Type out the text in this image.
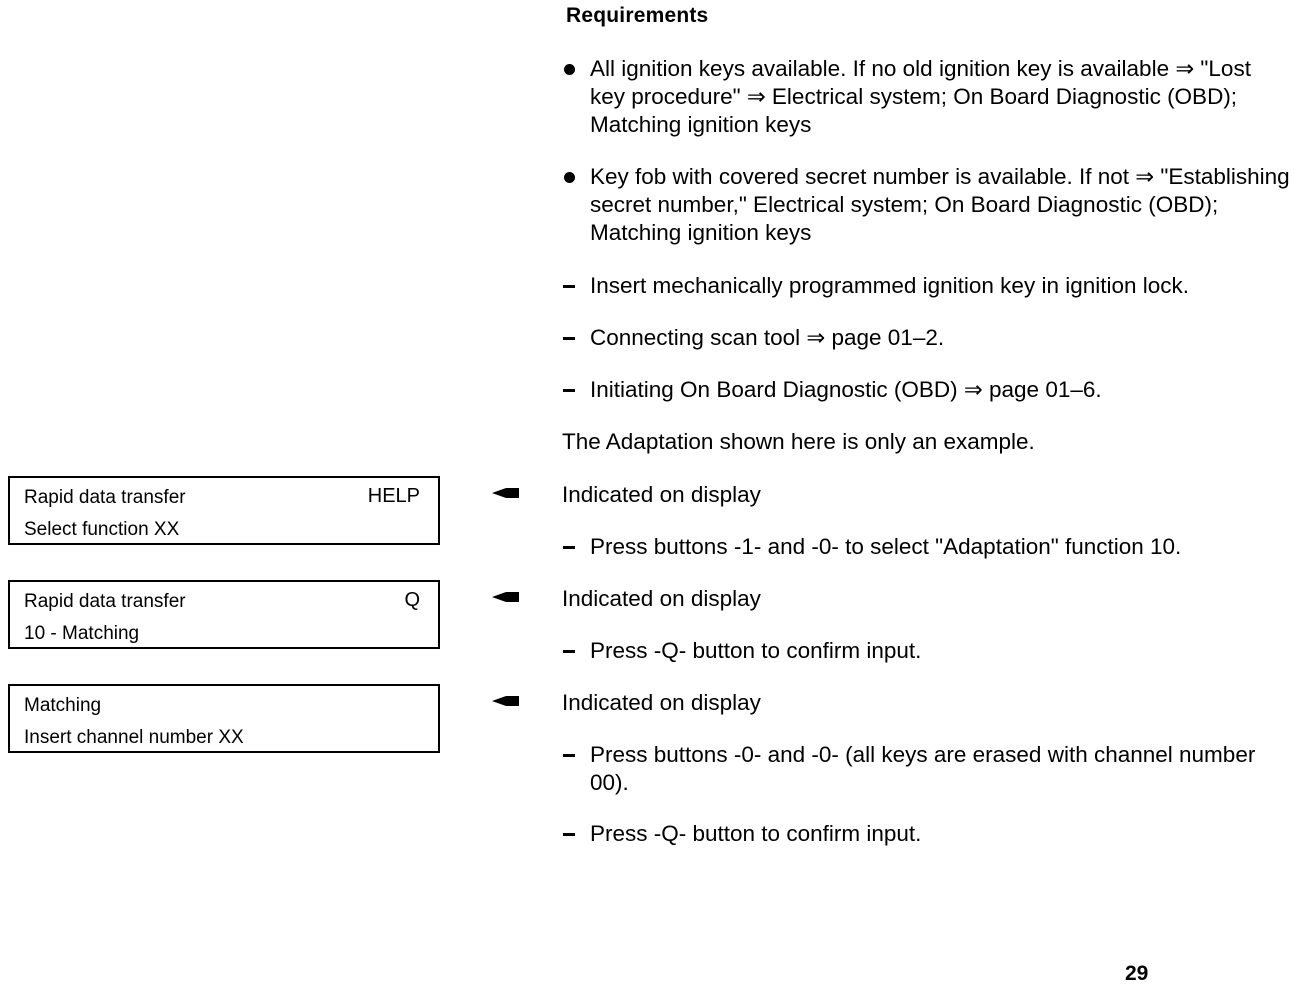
Requirements
All ignition keys available. If no old ignition key is available ⇒ "Lost key procedure" ⇒ Electrical system; On Board Diagnostic (OBD); Matching ignition keys
Key fob with covered secret number is available. If not ⇒ "Establishing secret number," Electrical system; On Board Diagnostic (OBD); Matching ignition keys
Insert mechanically programmed ignition key in ignition lock.
Connecting scan tool ⇒ page 01–2.
Initiating On Board Diagnostic (OBD) ⇒ page 01–6.
The Adaptation shown here is only an example.
Rapid data transfer	HELP
Select function XX
Indicated on display
Press buttons -1- and -0- to select "Adaptation" function 10.
Rapid data transfer	Q
10 - Matching
Indicated on display
Press -Q- button to confirm input.
Matching
Insert channel number XX
Indicated on display
Press buttons -0- and -0- (all keys are erased with channel number 00).
Press -Q- button to confirm input.
29
